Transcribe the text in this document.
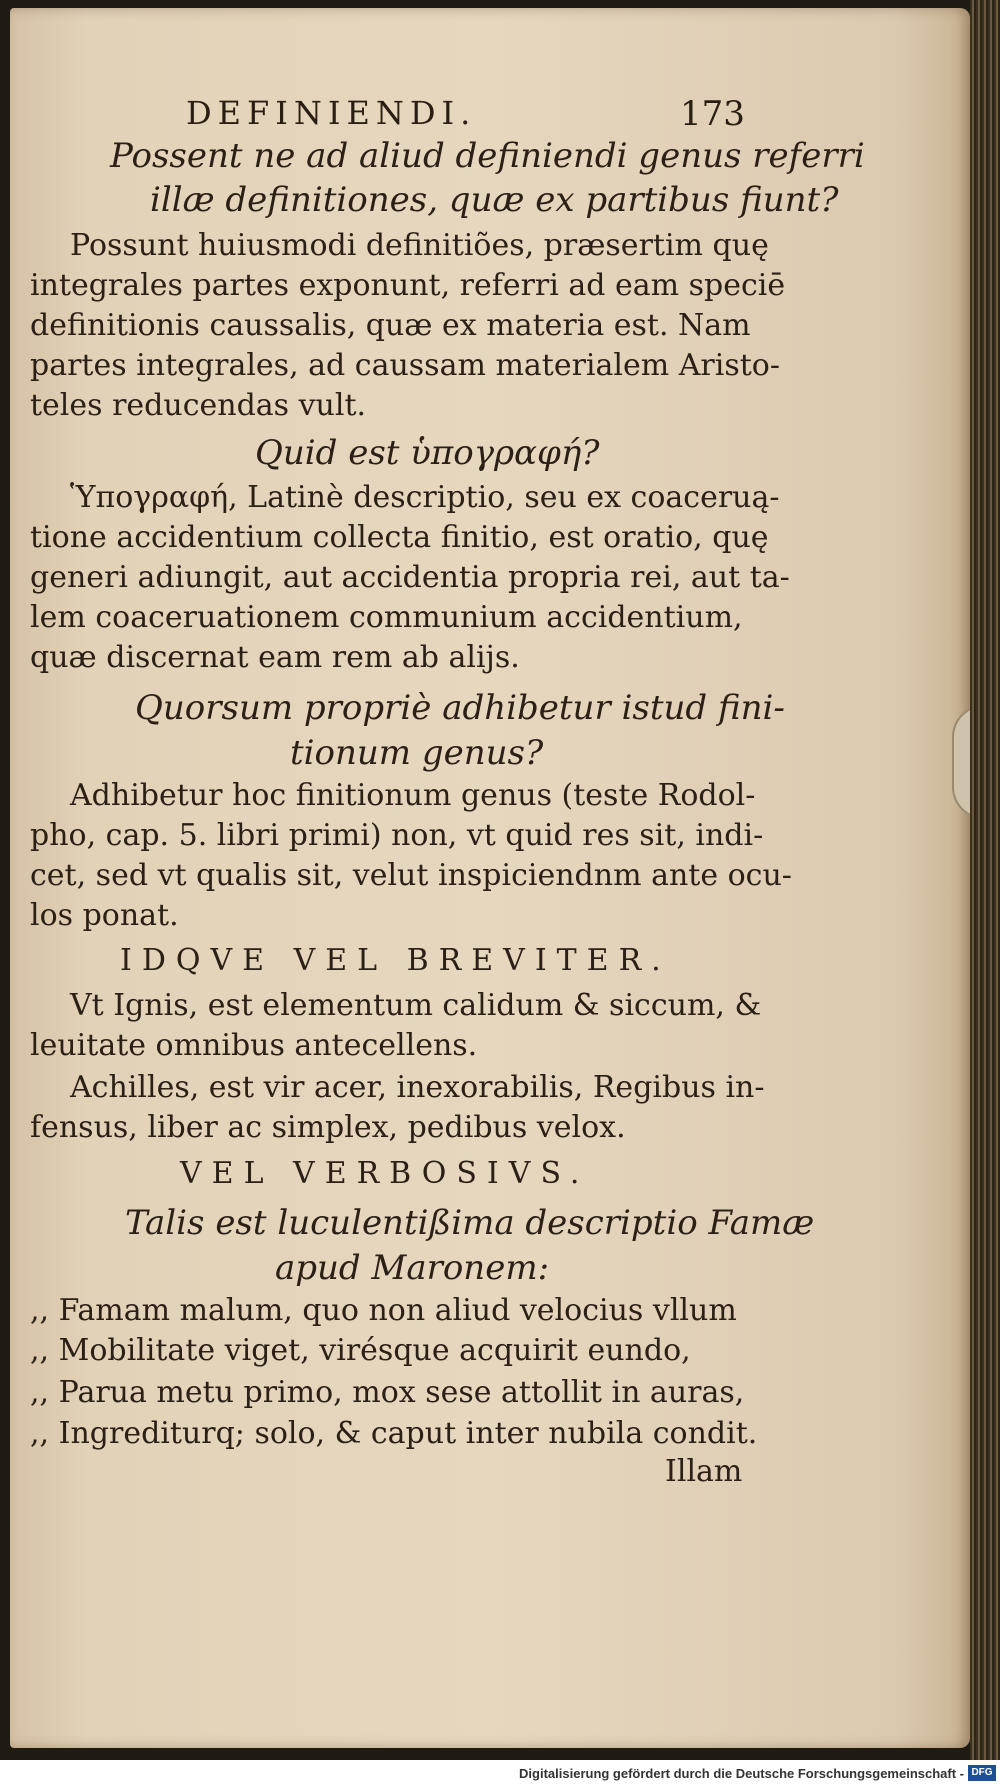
DEFINIENDI.	173
Possent ne ad aliud definiendi genus referri
illæ definitiones, quæ ex partibus fiunt?
Possunt huiusmodi definitiões, præsertim quę
integrales partes exponunt, referri ad eam speciē
definitionis caussalis, quæ ex materia est. Nam
partes integrales, ad caussam materialem Aristo-
teles reducendas vult.
Quid est ὑπογραφή?
Ὑπογραφή, Latinè descriptio, seu ex coaceruą-
tione accidentium collecta finitio, est oratio, quę
generi adiungit, aut accidentia propria rei, aut ta-
lem coaceruationem communium accidentium,
quæ discernat eam rem ab alijs.
Quorsum propriè adhibetur istud fini-
tionum genus?
Adhibetur hoc finitionum genus (teste Rodol-
pho, cap. 5. libri primi) non, vt quid res sit, indi-
cet, sed vt qualis sit, velut inspiciendnm ante ocu-
los ponat.
IDQVE VEL BREVITER.
Vt Ignis, est elementum calidum & siccum, &
leuitate omnibus antecellens.
Achilles, est vir acer, inexorabilis, Regibus in-
fensus, liber ac simplex, pedibus velox.
VEL VERBOSIVS.
Talis est luculentißima descriptio Famæ
apud Maronem:
,, Famam malum, quo non aliud velocius vllum
,, Mobilitate viget, virésque acquirit eundo,
,, Parua metu primo, mox sese attollit in auras,
,, Ingrediturq; solo, & caput inter nubila condit.
Illam
Digitalisierung gefördert durch die Deutsche Forschungsgemeinschaft - DFG
